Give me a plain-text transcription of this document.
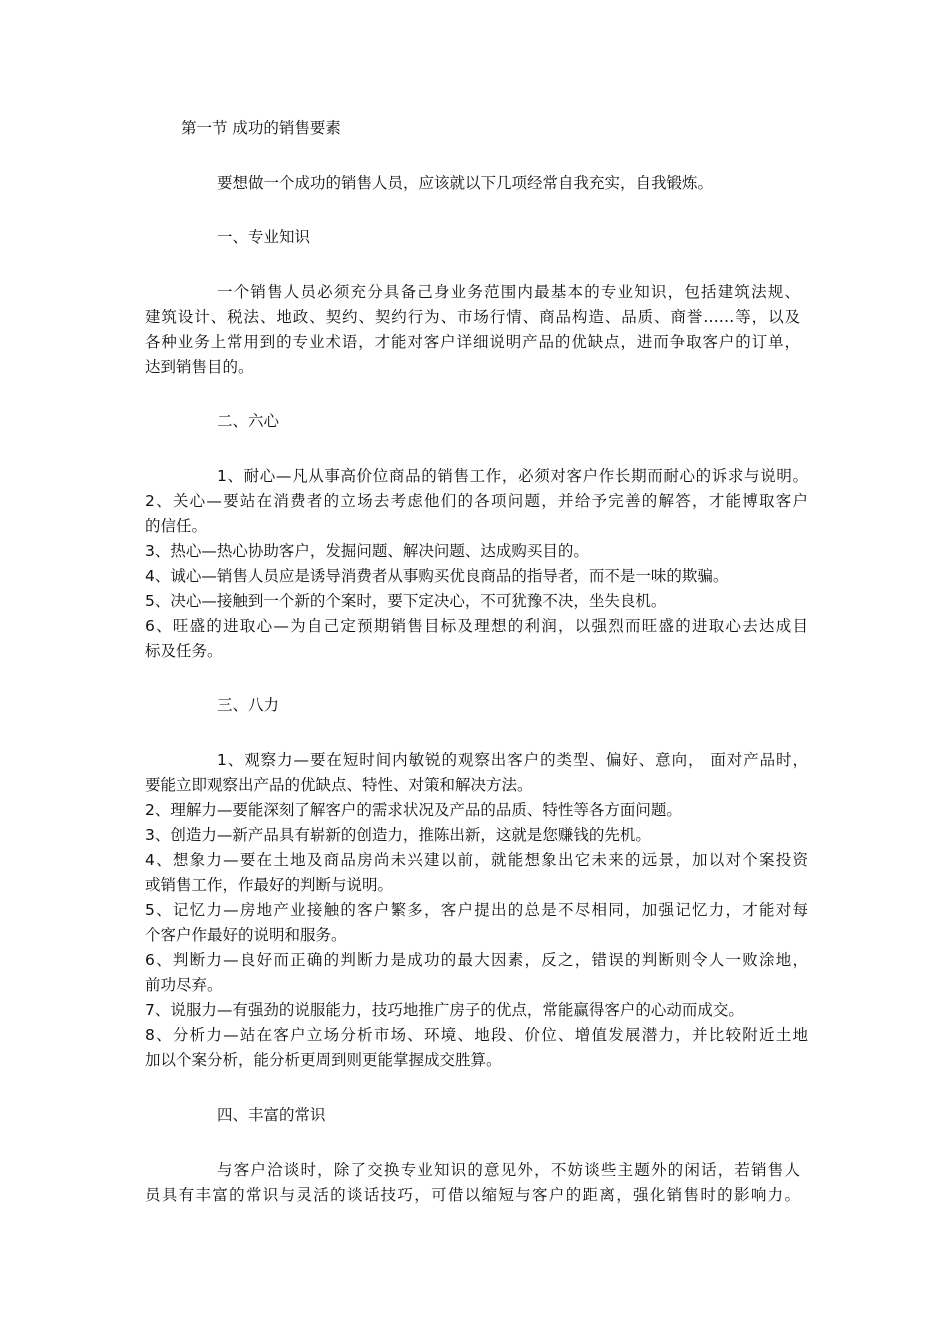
第一节 成功的销售要素
要想做一个成功的销售人员，应该就以下几项经常自我充实，自我锻炼。
一、专业知识
一个销售人员必须充分具备己身业务范围内最基本的专业知识，包括建筑法规、
建筑设计、税法、地政、契约、契约行为、市场行情、商品构造、品质、商誉……等，以及
各种业务上常用到的专业术语，才能对客户详细说明产品的优缺点，进而争取客户的订单，
达到销售目的。
二、六心
1、耐心—凡从事高价位商品的销售工作，必须对客户作长期而耐心的诉求与说明。
2、关心—要站在消费者的立场去考虑他们的各项问题，并给予完善的解答，才能博取客户
的信任。
3、热心—热心协助客户，发掘问题、解决问题、达成购买目的。
4、诚心—销售人员应是诱导消费者从事购买优良商品的指导者，而不是一味的欺骗。
5、决心—接触到一个新的个案时，要下定决心，不可犹豫不决，坐失良机。
6、旺盛的进取心—为自己定预期销售目标及理想的利润，以强烈而旺盛的进取心去达成目
标及任务。
三、八力
1、观察力—要在短时间内敏锐的观察出客户的类型、偏好、意向， 面对产品时，
要能立即观察出产品的优缺点、特性、对策和解决方法。
2、理解力—要能深刻了解客户的需求状况及产品的品质、特性等各方面问题。
3、创造力—新产品具有崭新的创造力，推陈出新，这就是您赚钱的先机。
4、想象力—要在土地及商品房尚未兴建以前，就能想象出它未来的远景，加以对个案投资
或销售工作，作最好的判断与说明。
5、记忆力—房地产业接触的客户繁多，客户提出的总是不尽相同，加强记忆力，才能对每
个客户作最好的说明和服务。
6、判断力—良好而正确的判断力是成功的最大因素，反之，错误的判断则令人一败涂地，
前功尽弃。
7、说服力—有强劲的说服能力，技巧地推广房子的优点，常能赢得客户的心动而成交。
8、分析力—站在客户立场分析市场、环境、地段、价位、增值发展潜力，并比较附近土地
加以个案分析，能分析更周到则更能掌握成交胜算。
四、丰富的常识
与客户洽谈时，除了交换专业知识的意见外，不妨谈些主题外的闲话，若销售人
员具有丰富的常识与灵活的谈话技巧，可借以缩短与客户的距离，强化销售时的影响力。
